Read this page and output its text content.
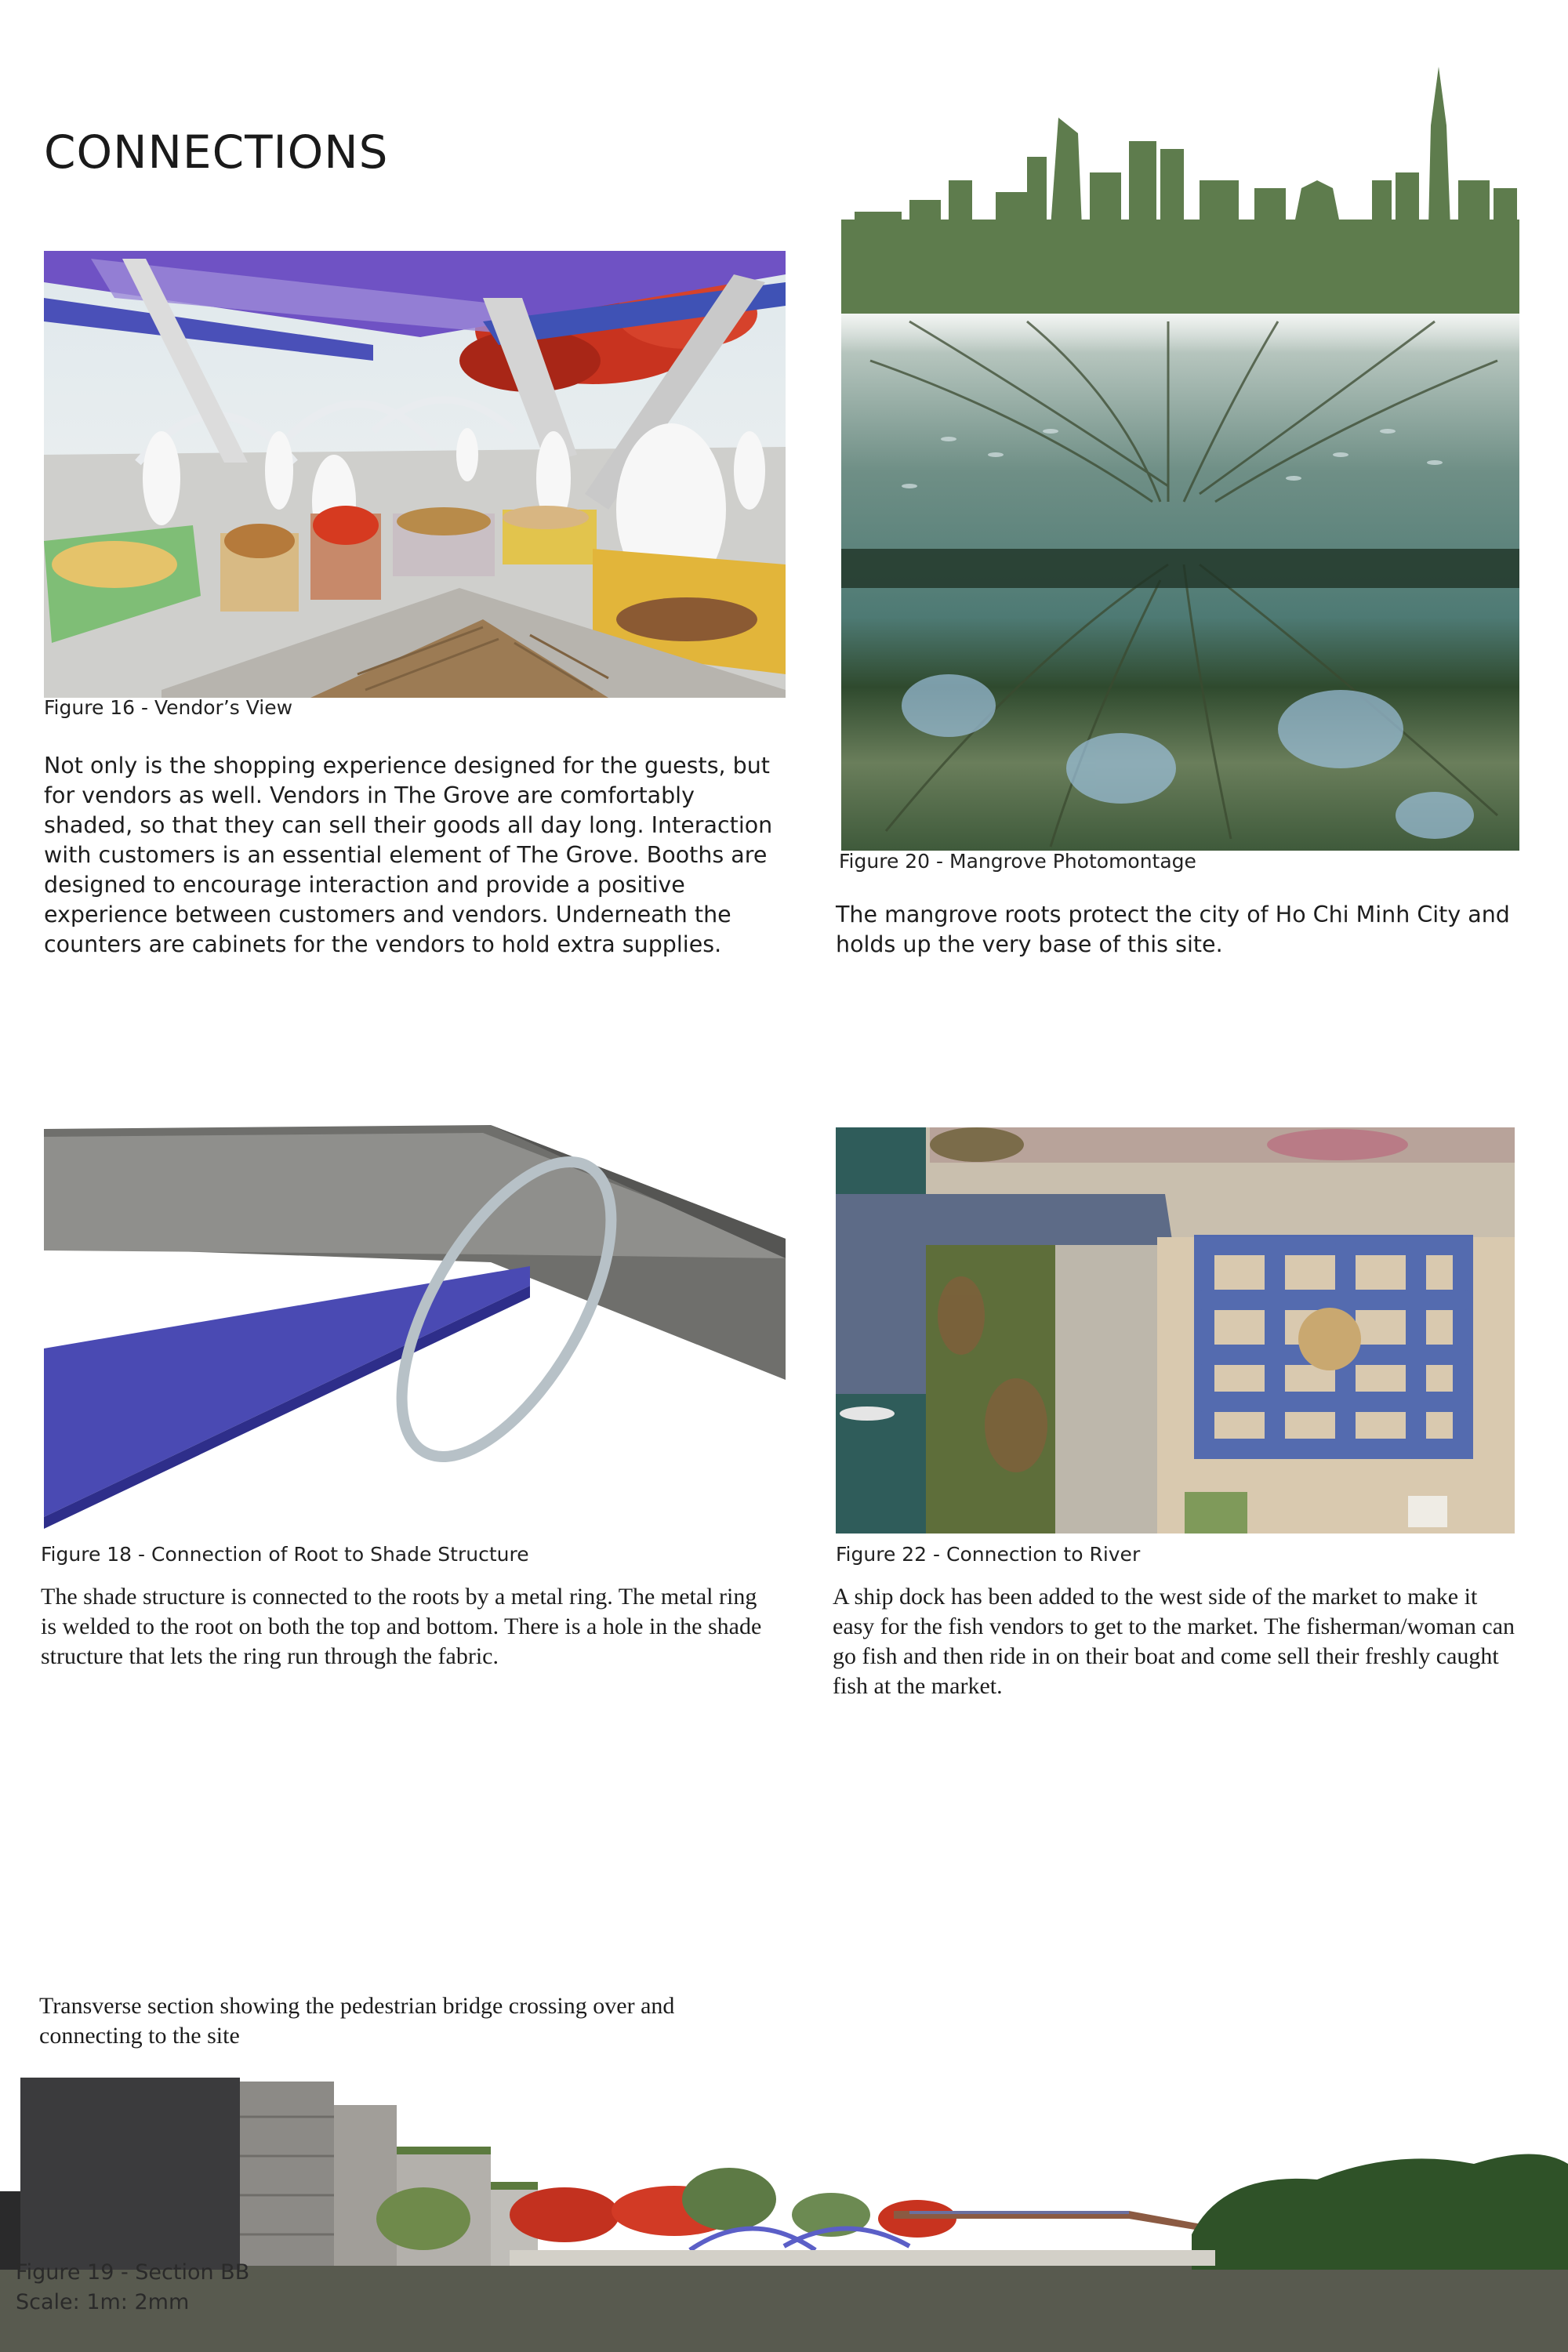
CONNECTIONS
Figure 16 - Vendor’s View
Not only is the shopping experience designed for the guests, but for vendors as well. Vendors in The Grove are comfortably shaded, so that they can sell their goods all day long. Interaction with customers is an essential element of The Grove. Booths are designed to encourage interaction and provide a positive experience between customers and vendors. Underneath the counters are cabinets for the vendors to hold extra supplies.
Figure 20 - Mangrove Photomontage
The mangrove roots protect the city of Ho Chi Minh City and holds up the very base of this site.
Figure 18 - Connection of Root to Shade Structure
The shade structure is connected to the roots by a metal ring. The metal ring is welded to the root on both the top and bottom. There is a hole in the shade structure that lets the ring run through the fabric.
Figure 22 - Connection to River
A ship dock has been added to the west side of the market to make it easy for the fish vendors to get to the market. The fisherman/woman can go fish and then ride in on their boat and come sell their freshly caught fish at the market.
Transverse section showing the pedestrian bridge crossing over and connecting to the site
Figure 19 - Section BB
Scale: 1m: 2mm
